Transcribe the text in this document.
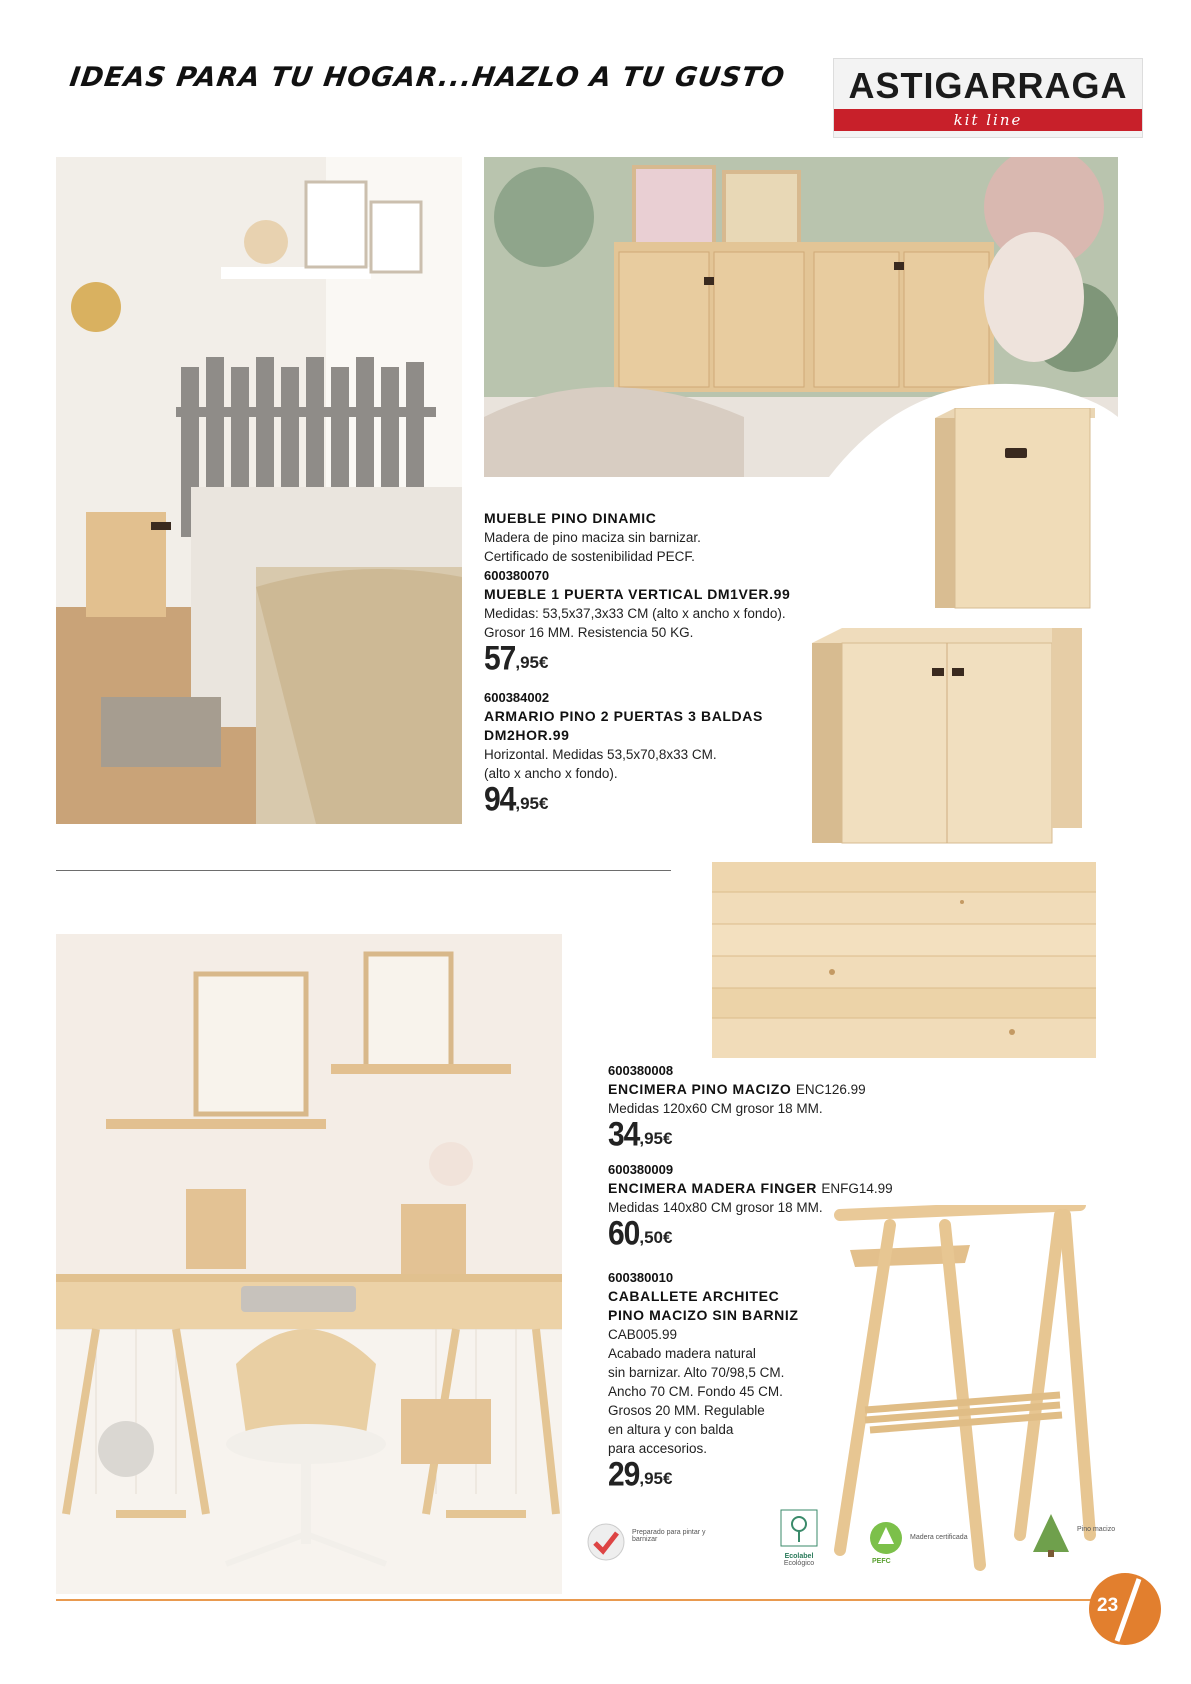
IDEAS PARA TU HOGAR...HAZLO A TU GUSTO	ASTIGARRAGA
kit line
MUEBLE PINO DINAMIC
Madera de pino maciza sin barnizar.
Certificado de sostenibilidad PECF.
600380070
MUEBLE 1 PUERTA VERTICAL DM1VER.99
Medidas: 53,5x37,3x33 CM (alto x ancho x fondo).
Grosor 16 MM. Resistencia 50 KG.
57,95€
600384002
ARMARIO PINO 2 PUERTAS 3 BALDAS
DM2HOR.99
Horizontal. Medidas 53,5x70,8x33 CM.
(alto x ancho x fondo).
94,95€
600380008
ENCIMERA PINO MACIZO ENC126.99
Medidas 120x60 CM grosor 18 MM.
34,95€
600380009
ENCIMERA MADERA FINGER ENFG14.99
Medidas 140x80 CM grosor 18 MM.
60,50€
600380010
CABALLETE ARCHITEC
PINO MACIZO SIN BARNIZ
CAB005.99
Acabado madera natural
sin barnizar. Alto 70/98,5 CM.
Ancho 70 CM. Fondo 45 CM.
Grosos 20 MM. Regulable
en altura y con balda
para accesorios.
29,95€
Preparado para pintar y barnizar
Ecolabel
Ecológico	PEFC
Madera certificada
Pino macizo
23
